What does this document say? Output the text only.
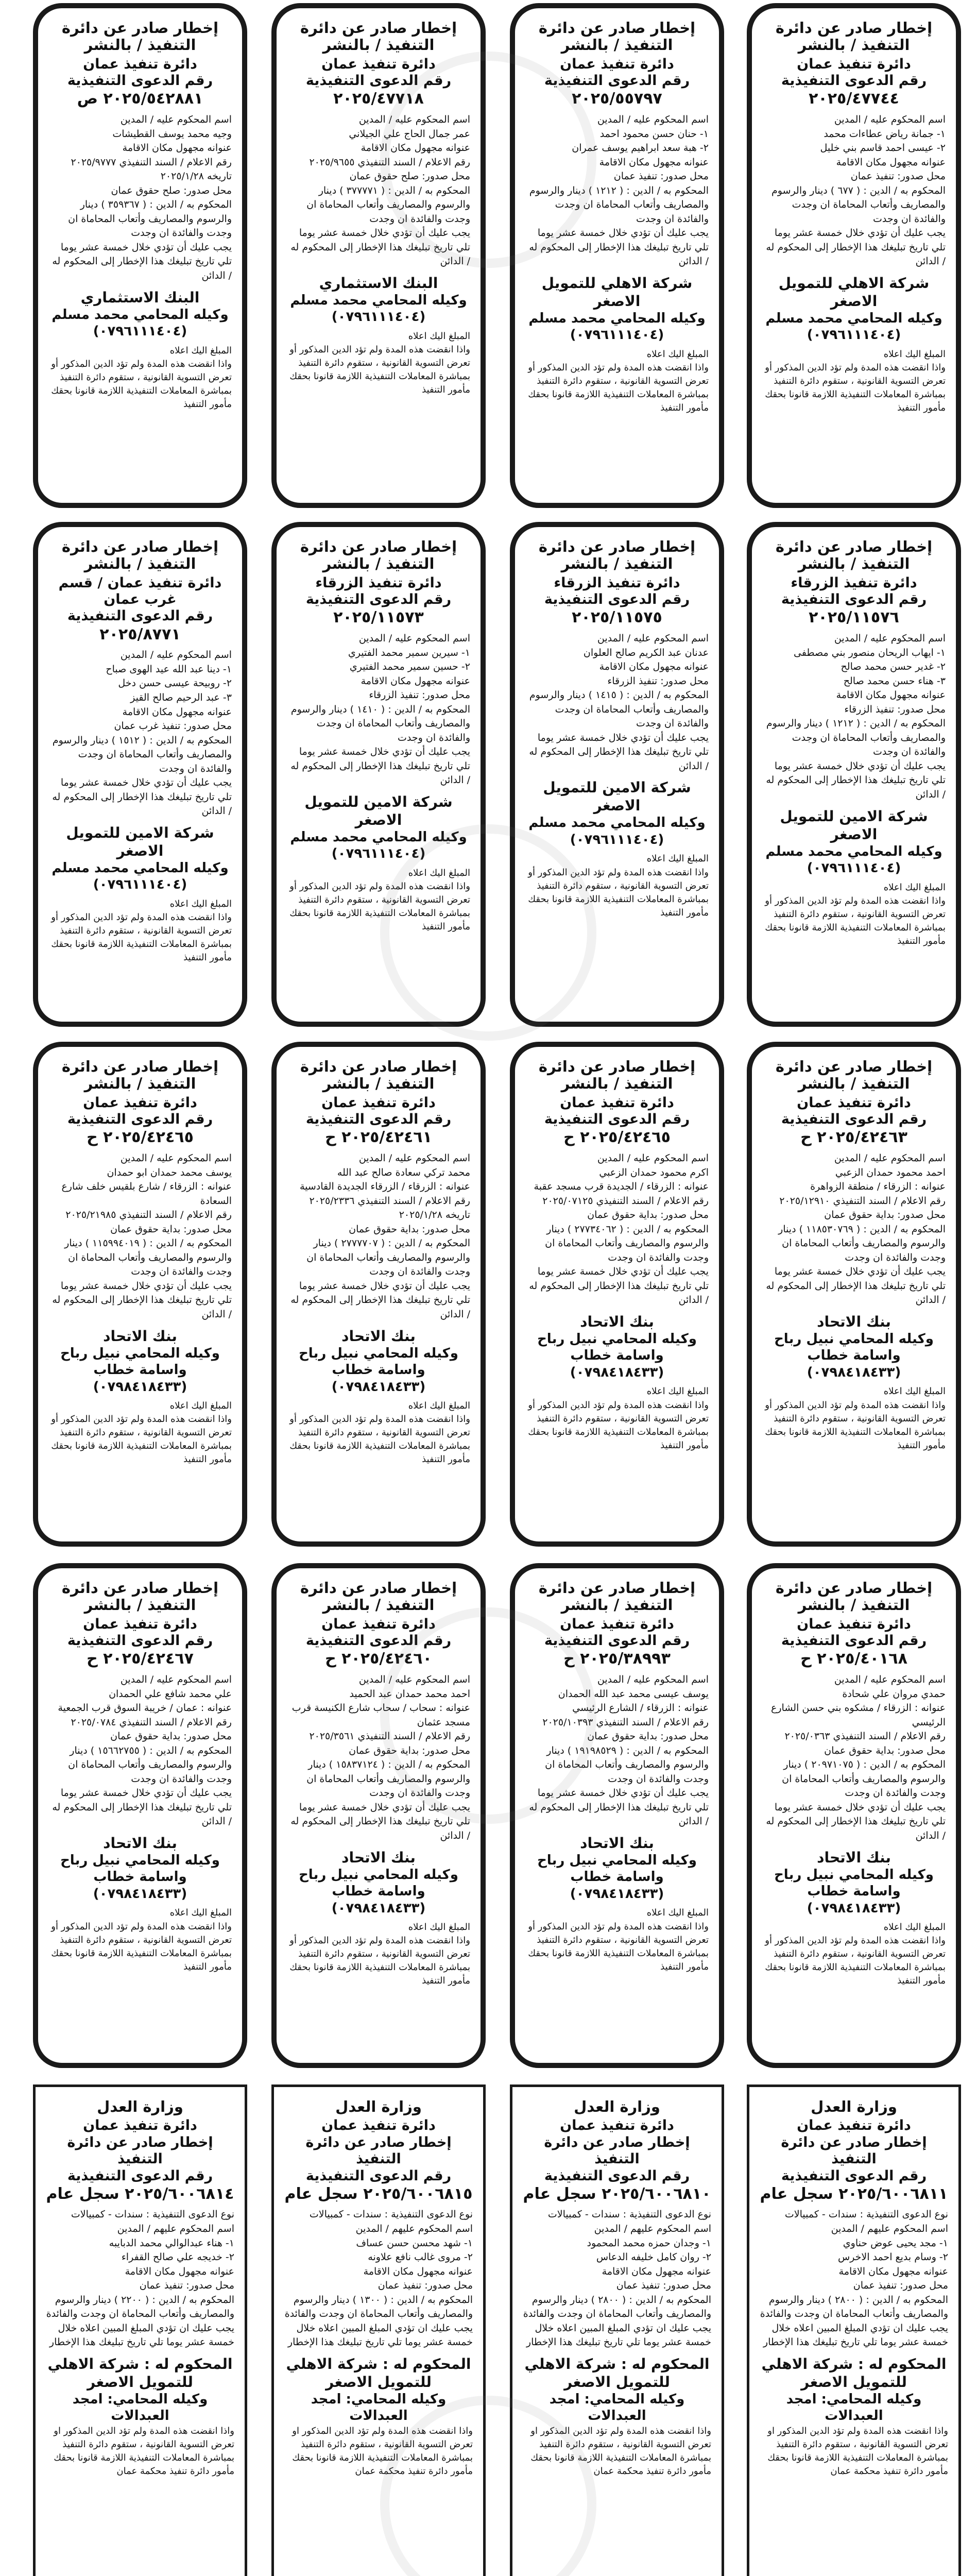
إخطار صادر عن دائرة التنفيذ / بالنشر
دائرة تنفيذ عمان
رقم الدعوى التنفيذية
٢٠٢٥/٤٧٧٤٤

اسم المحكوم عليه / المدين

١- جمانة رياض عطاءات محمد

٢- عيسى احمد قاسم بني خليل

عنوانه مجهول مكان الاقامة

محل صدور: تنفيذ عمان

المحكوم به / الدين : ( ٦٧٧ ) دينار والرسوم والمصاريف وأتعاب المحاماة ان وجدت والفائدة ان وجدت

يجب عليك أن تؤدي خلال خمسة عشر يوما تلي تاريخ تبليغك هذا الإخطار إلى المحكوم له / الدائن

شركة الاهلي للتمويل الاصغر
وكيله المحامي محمد مسلم
(٠٧٩٦١١١٤٠٤)

المبلغ اليك اعلاه

واذا انقضت هذه المدة ولم تؤد الدين المذكور أو تعرض التسوية القانونية ، ستقوم دائرة التنفيذ بمباشرة المعاملات التنفيذية اللازمة قانونا بحقك

مأمور التنفيذ

إخطار صادر عن دائرة التنفيذ / بالنشر
دائرة تنفيذ عمان
رقم الدعوى التنفيذية
٢٠٢٥/٥٥٧٩٧

اسم المحكوم عليه / المدين

١- حنان حسن محمود احمد

٢- هبة سعد ابراهيم يوسف عمران

عنوانه مجهول مكان الاقامة

محل صدور: تنفيذ عمان

المحكوم به / الدين : ( ١٢١٢ ) دينار والرسوم والمصاريف وأتعاب المحاماة ان وجدت والفائدة ان وجدت

يجب عليك أن تؤدي خلال خمسة عشر يوما تلي تاريخ تبليغك هذا الإخطار إلى المحكوم له / الدائن

شركة الاهلي للتمويل الاصغر
وكيله المحامي محمد مسلم
(٠٧٩٦١١١٤٠٤)

المبلغ اليك اعلاه

واذا انقضت هذه المدة ولم تؤد الدين المذكور أو تعرض التسوية القانونية ، ستقوم دائرة التنفيذ بمباشرة المعاملات التنفيذية اللازمة قانونا بحقك

مأمور التنفيذ

إخطار صادر عن دائرة التنفيذ / بالنشر
دائرة تنفيذ عمان
رقم الدعوى التنفيذية
٢٠٢٥/٤٧٧١٨

اسم المحكوم عليه / المدين

عمر جمال الحاج علي الجيلاني

عنوانه مجهول مكان الاقامة

رقم الاعلام / السند التنفيذي ٢٠٢٥/٩٦٥٥

محل صدور: صلح حقوق عمان

المحكوم به / الدين : ( ٣٧٧٧٧١ ) دينار والرسوم والمصاريف وأتعاب المحاماة ان وجدت والفائدة ان وجدت

يجب عليك أن تؤدي خلال خمسة عشر يوما تلي تاريخ تبليغك هذا الإخطار إلى المحكوم له / الدائن

البنك الاستثماري
وكيله المحامي محمد مسلم
(٠٧٩٦١١١٤٠٤)

المبلغ اليك اعلاه

واذا انقضت هذه المدة ولم تؤد الدين المذكور أو تعرض التسوية القانونية ، ستقوم دائرة التنفيذ بمباشرة المعاملات التنفيذية اللازمة قانونا بحقك

مأمور التنفيذ

إخطار صادر عن دائرة التنفيذ / بالنشر
دائرة تنفيذ عمان
رقم الدعوى التنفيذية
٢٠٢٥/٥٤٢٨٨١ ص

اسم المحكوم عليه / المدين

وجيه محمد يوسف القطيشات

عنوانه مجهول مكان الاقامة

رقم الاعلام / السند التنفيذي ٢٠٢٥/٩٧٧٧

تاريخه ٢٠٢٥/١/٢٨

محل صدور: صلح حقوق عمان

المحكوم به / الدين : ( ٣٥٩٣٦٧ ) دينار والرسوم والمصاريف وأتعاب المحاماة ان وجدت والفائدة ان وجدت

يجب عليك أن تؤدي خلال خمسة عشر يوما تلي تاريخ تبليغك هذا الإخطار إلى المحكوم له / الدائن

البنك الاستثماري
وكيله المحامي محمد مسلم
(٠٧٩٦١١١٤٠٤)

المبلغ اليك اعلاه

واذا انقضت هذه المدة ولم تؤد الدين المذكور أو تعرض التسوية القانونية ، ستقوم دائرة التنفيذ بمباشرة المعاملات التنفيذية اللازمة قانونا بحقك

مأمور التنفيذ

إخطار صادر عن دائرة التنفيذ / بالنشر
دائرة تنفيذ الزرقاء
رقم الدعوى التنفيذية
٢٠٢٥/١١٥٧٦

اسم المحكوم عليه / المدين

١- ايهاب الريحان منصور بني مصطفى

٢- غدير حسن محمد صالح

٣- هناء حسن محمد صالح

عنوانه مجهول مكان الاقامة

محل صدور: تنفيذ الزرقاء

المحكوم به / الدين : ( ١٢١٢ ) دينار والرسوم والمصاريف وأتعاب المحاماة ان وجدت والفائدة ان وجدت

يجب عليك أن تؤدي خلال خمسة عشر يوما تلي تاريخ تبليغك هذا الإخطار إلى المحكوم له / الدائن

شركة الامين للتمويل الاصغر
وكيله المحامي محمد مسلم
(٠٧٩٦١١١٤٠٤)

المبلغ اليك اعلاه

واذا انقضت هذه المدة ولم تؤد الدين المذكور أو تعرض التسوية القانونية ، ستقوم دائرة التنفيذ بمباشرة المعاملات التنفيذية اللازمة قانونا بحقك

مأمور التنفيذ

إخطار صادر عن دائرة التنفيذ / بالنشر
دائرة تنفيذ الزرقاء
رقم الدعوى التنفيذية
٢٠٢٥/١١٥٧٥

اسم المحكوم عليه / المدين

عدنان عبد الكريم صالح العلوان

عنوانه مجهول مكان الاقامة

محل صدور: تنفيذ الزرقاء

المحكوم به / الدين : ( ١٤١٥ ) دينار والرسوم والمصاريف وأتعاب المحاماة ان وجدت والفائدة ان وجدت

يجب عليك أن تؤدي خلال خمسة عشر يوما تلي تاريخ تبليغك هذا الإخطار إلى المحكوم له / الدائن

شركة الامين للتمويل الاصغر
وكيله المحامي محمد مسلم
(٠٧٩٦١١١٤٠٤)

المبلغ اليك اعلاه

واذا انقضت هذه المدة ولم تؤد الدين المذكور أو تعرض التسوية القانونية ، ستقوم دائرة التنفيذ بمباشرة المعاملات التنفيذية اللازمة قانونا بحقك

مأمور التنفيذ

إخطار صادر عن دائرة التنفيذ / بالنشر
دائرة تنفيذ الزرقاء
رقم الدعوى التنفيذية
٢٠٢٥/١١٥٧٣

اسم المحكوم عليه / المدين

١- سيرين سمير محمد الفتيري

٢- حسين سمير محمد الفتيري

عنوانه مجهول مكان الاقامة

محل صدور: تنفيذ الزرقاء

المحكوم به / الدين : ( ١٤١٠ ) دينار والرسوم والمصاريف وأتعاب المحاماة ان وجدت والفائدة ان وجدت

يجب عليك أن تؤدي خلال خمسة عشر يوما تلي تاريخ تبليغك هذا الإخطار إلى المحكوم له / الدائن

شركة الامين للتمويل الاصغر
وكيله المحامي محمد مسلم
(٠٧٩٦١١١٤٠٤)

المبلغ اليك اعلاه

واذا انقضت هذه المدة ولم تؤد الدين المذكور أو تعرض التسوية القانونية ، ستقوم دائرة التنفيذ بمباشرة المعاملات التنفيذية اللازمة قانونا بحقك

مأمور التنفيذ

إخطار صادر عن دائرة التنفيذ / بالنشر
دائرة تنفيذ عمان / قسم غرب عمان
رقم الدعوى التنفيذية
٢٠٢٥/٨٧٧١

اسم المحكوم عليه / المدين

١- دينا عبد الله عيد الهوى صباح

٢- روبيحة عيسى حسن دخل

٣- عبد الرحيم صالح القيز

عنوانه مجهول مكان الاقامة

محل صدور: تنفيذ غرب عمان

المحكوم به / الدين : ( ١٥١٢ ) دينار والرسوم والمصاريف وأتعاب المحاماة ان وجدت والفائدة ان وجدت

يجب عليك أن تؤدي خلال خمسة عشر يوما تلي تاريخ تبليغك هذا الإخطار إلى المحكوم له / الدائن

شركة الامين للتمويل الاصغر
وكيله المحامي محمد مسلم
(٠٧٩٦١١١٤٠٤)

المبلغ اليك اعلاه

واذا انقضت هذه المدة ولم تؤد الدين المذكور أو تعرض التسوية القانونية ، ستقوم دائرة التنفيذ بمباشرة المعاملات التنفيذية اللازمة قانونا بحقك

مأمور التنفيذ

إخطار صادر عن دائرة التنفيذ / بالنشر
دائرة تنفيذ عمان
رقم الدعوى التنفيذية
٢٠٢٥/٤٢٤٦٣ ح

اسم المحكوم عليه / المدين

احمد محمود حمدان الزعبي

عنوانه : الزرقاء / منطقة الزواهرة

رقم الاعلام / السند التنفيذي ٢٠٢٥/١٢٩١٠

محل صدور: بداية حقوق عمان

المحكوم به / الدين : ( ١١٨٥٣٠٧٦٩ ) دينار والرسوم والمصاريف وأتعاب المحاماة ان وجدت والفائدة ان وجدت

يجب عليك أن تؤدي خلال خمسة عشر يوما تلي تاريخ تبليغك هذا الإخطار إلى المحكوم له / الدائن

بنك الاتحاد
وكيله المحامي نبيل رباح واسامة خطاب
(٠٧٩٨٤١٨٤٣٣)

المبلغ اليك اعلاه

واذا انقضت هذه المدة ولم تؤد الدين المذكور أو تعرض التسوية القانونية ، ستقوم دائرة التنفيذ بمباشرة المعاملات التنفيذية اللازمة قانونا بحقك

مأمور التنفيذ

إخطار صادر عن دائرة التنفيذ / بالنشر
دائرة تنفيذ عمان
رقم الدعوى التنفيذية
٢٠٢٥/٤٢٤٦٥ ح

اسم المحكوم عليه / المدين

اكرم محمود حمدان الزعبي

عنوانه : الزرقاء / الجديدة قرب مسجد عقبة

رقم الاعلام / السند التنفيذي ٢٠٢٥/٠٧١٢٥

محل صدور: بداية حقوق عمان

المحكوم به / الدين : ( ٢٧٧٣٤٠٦٢ ) دينار والرسوم والمصاريف وأتعاب المحاماة ان وجدت والفائدة ان وجدت

يجب عليك أن تؤدي خلال خمسة عشر يوما تلي تاريخ تبليغك هذا الإخطار إلى المحكوم له / الدائن

بنك الاتحاد
وكيله المحامي نبيل رباح واسامة خطاب
(٠٧٩٨٤١٨٤٣٣)

المبلغ اليك اعلاه

واذا انقضت هذه المدة ولم تؤد الدين المذكور أو تعرض التسوية القانونية ، ستقوم دائرة التنفيذ بمباشرة المعاملات التنفيذية اللازمة قانونا بحقك

مأمور التنفيذ

إخطار صادر عن دائرة التنفيذ / بالنشر
دائرة تنفيذ عمان
رقم الدعوى التنفيذية
٢٠٢٥/٤٢٤٦١ ح

اسم المحكوم عليه / المدين

محمد تركي سعادة صالح عبد الله

عنوانه : الزرقاء / الزرقاء الجديدة القادسية

رقم الاعلام / السند التنفيذي ٢٠٢٥/٢٣٣٦

تاريخه ٢٠٢٥/١/٢٨

محل صدور: بداية حقوق عمان

المحكوم به / الدين : ( ٢٧٧٧٧٠٧ ) دينار والرسوم والمصاريف وأتعاب المحاماة ان وجدت والفائدة ان وجدت

يجب عليك أن تؤدي خلال خمسة عشر يوما تلي تاريخ تبليغك هذا الإخطار إلى المحكوم له / الدائن

بنك الاتحاد
وكيله المحامي نبيل رباح واسامة خطاب
(٠٧٩٨٤١٨٤٣٣)

المبلغ اليك اعلاه

واذا انقضت هذه المدة ولم تؤد الدين المذكور أو تعرض التسوية القانونية ، ستقوم دائرة التنفيذ بمباشرة المعاملات التنفيذية اللازمة قانونا بحقك

مأمور التنفيذ

إخطار صادر عن دائرة التنفيذ / بالنشر
دائرة تنفيذ عمان
رقم الدعوى التنفيذية
٢٠٢٥/٤٢٤٦٥ ح

اسم المحكوم عليه / المدين

يوسف محمد حمدان ابو حمدان

عنوانه : الزرقاء / شارع بلقيس خلف شارع السعادة

رقم الاعلام / السند التنفيذي ٢٠٢٥/٢١٩٨٥

محل صدور: بداية حقوق عمان

المحكوم به / الدين : ( ١١٥٩٩٤٠١٩ ) دينار والرسوم والمصاريف وأتعاب المحاماة ان وجدت والفائدة ان وجدت

يجب عليك أن تؤدي خلال خمسة عشر يوما تلي تاريخ تبليغك هذا الإخطار إلى المحكوم له / الدائن

بنك الاتحاد
وكيله المحامي نبيل رباح واسامة خطاب
(٠٧٩٨٤١٨٤٣٣)

المبلغ اليك اعلاه

واذا انقضت هذه المدة ولم تؤد الدين المذكور أو تعرض التسوية القانونية ، ستقوم دائرة التنفيذ بمباشرة المعاملات التنفيذية اللازمة قانونا بحقك

مأمور التنفيذ

إخطار صادر عن دائرة التنفيذ / بالنشر
دائرة تنفيذ عمان
رقم الدعوى التنفيذية
٢٠٢٥/٤٠١٦٨ ح

اسم المحكوم عليه / المدين

حمدي مروان علي شحادة

عنوانه : الزرقاء / مشكوه بني حسن الشارع الرئيسي

رقم الاعلام / السند التنفيذي ٢٠٢٥/٠٣٦٣

محل صدور: بداية حقوق عمان

المحكوم به / الدين : ( ٢٠٩٧١٠٧٥ ) دينار والرسوم والمصاريف وأتعاب المحاماة ان وجدت والفائدة ان وجدت

يجب عليك أن تؤدي خلال خمسة عشر يوما تلي تاريخ تبليغك هذا الإخطار إلى المحكوم له / الدائن

بنك الاتحاد
وكيله المحامي نبيل رباح واسامة خطاب
(٠٧٩٨٤١٨٤٣٣)

المبلغ اليك اعلاه

واذا انقضت هذه المدة ولم تؤد الدين المذكور أو تعرض التسوية القانونية ، ستقوم دائرة التنفيذ بمباشرة المعاملات التنفيذية اللازمة قانونا بحقك

مأمور التنفيذ

إخطار صادر عن دائرة التنفيذ / بالنشر
دائرة تنفيذ عمان
رقم الدعوى التنفيذية
٢٠٢٥/٣٨٩٩٣ ح

اسم المحكوم عليه / المدين

يوسف عيسى محمد عبد الله الحمدان

عنوانه : الزرقاء / الشارع الرئيسي

رقم الاعلام / السند التنفيذي ٢٠٢٥/١٠٣٩٣

محل صدور: بداية حقوق عمان

المحكوم به / الدين : ( ١٩١٩٨٥٢٩ ) دينار والرسوم والمصاريف وأتعاب المحاماة ان وجدت والفائدة ان وجدت

يجب عليك أن تؤدي خلال خمسة عشر يوما تلي تاريخ تبليغك هذا الإخطار إلى المحكوم له / الدائن

بنك الاتحاد
وكيله المحامي نبيل رباح واسامة خطاب
(٠٧٩٨٤١٨٤٣٣)

المبلغ اليك اعلاه

واذا انقضت هذه المدة ولم تؤد الدين المذكور أو تعرض التسوية القانونية ، ستقوم دائرة التنفيذ بمباشرة المعاملات التنفيذية اللازمة قانونا بحقك

مأمور التنفيذ

إخطار صادر عن دائرة التنفيذ / بالنشر
دائرة تنفيذ عمان
رقم الدعوى التنفيذية
٢٠٢٥/٤٢٤٦٠ ح

اسم المحكوم عليه / المدين

احمد محمد حمدان عبد الحميد

عنوانه : سحاب / سحاب شارع الكنيسة قرب مسجد عثمان

رقم الاعلام / السند التنفيذي ٢٠٢٥/٣٥٦١

محل صدور: بداية حقوق عمان

المحكوم به / الدين : ( ١٥٨٣٧١٢٤ ) دينار والرسوم والمصاريف وأتعاب المحاماة ان وجدت والفائدة ان وجدت

يجب عليك أن تؤدي خلال خمسة عشر يوما تلي تاريخ تبليغك هذا الإخطار إلى المحكوم له / الدائن

بنك الاتحاد
وكيله المحامي نبيل رباح واسامة خطاب
(٠٧٩٨٤١٨٤٣٣)

المبلغ اليك اعلاه

واذا انقضت هذه المدة ولم تؤد الدين المذكور أو تعرض التسوية القانونية ، ستقوم دائرة التنفيذ بمباشرة المعاملات التنفيذية اللازمة قانونا بحقك

مأمور التنفيذ

إخطار صادر عن دائرة التنفيذ / بالنشر
دائرة تنفيذ عمان
رقم الدعوى التنفيذية
٢٠٢٥/٤٢٤٦٧ ح

اسم المحكوم عليه / المدين

علي محمد شافع علي الحمدان

عنوانه : عمان / خريبة السوق قرب الجمعية

رقم الاعلام / السند التنفيذي ٢٠٢٥/٠٧٨٤

محل صدور: بداية حقوق عمان

المحكوم به / الدين : ( ١٥٦٦٢٧٥٥ ) دينار والرسوم والمصاريف وأتعاب المحاماة ان وجدت والفائدة ان وجدت

يجب عليك أن تؤدي خلال خمسة عشر يوما تلي تاريخ تبليغك هذا الإخطار إلى المحكوم له / الدائن

بنك الاتحاد
وكيله المحامي نبيل رباح واسامة خطاب
(٠٧٩٨٤١٨٤٣٣)

المبلغ اليك اعلاه

واذا انقضت هذه المدة ولم تؤد الدين المذكور أو تعرض التسوية القانونية ، ستقوم دائرة التنفيذ بمباشرة المعاملات التنفيذية اللازمة قانونا بحقك

مأمور التنفيذ

وزارة العدل
دائرة تنفيذ عمان
إخطار صادر عن دائرة التنفيذ
رقم الدعوى التنفيذية
٢٠٢٥/٦٠٠٦٨١١ سجل عام

نوع الدعوى التنفيذية : سندات - كمبيالات

اسم المحكوم عليهم / المدين

١- مجد يحيى عوض حناوي

٢- وسام بديع احمد الاخرس

عنوانه مجهول مكان الاقامة

محل صدور: تنفيذ عمان

المحكوم به / الدين : ( ٢٨٠٠ ) دينار والرسوم والمصاريف وأتعاب المحاماة ان وجدت والفائدة

يجب عليك ان تؤدي المبلغ المبين اعلاه خلال خمسة عشر يوما تلي تاريخ تبليغك هذا الإخطار

المحكوم له : شركة الاهلي للتمويل الاصغر
وكيله المحامي: امجد العبدالات

واذا انقضت هذه المدة ولم تؤد الدين المذكور او تعرض التسوية القانونية ، ستقوم دائرة التنفيذ بمباشرة المعاملات التنفيذية اللازمة قانونا بحقك

مأمور دائرة تنفيذ محكمة عمان

وزارة العدل
دائرة تنفيذ عمان
إخطار صادر عن دائرة التنفيذ
رقم الدعوى التنفيذية
٢٠٢٥/٦٠٠٦٨١٠ سجل عام

نوع الدعوى التنفيذية : سندات - كمبيالات

اسم المحكوم عليهم / المدين

١- وجدان حمزه محمد المحمود

٢- روان كامل خليفه الدعاس

عنوانه مجهول مكان الاقامة

محل صدور: تنفيذ عمان

المحكوم به / الدين : ( ٢٨٠٠ ) دينار والرسوم والمصاريف وأتعاب المحاماة ان وجدت والفائدة

يجب عليك ان تؤدي المبلغ المبين اعلاه خلال خمسة عشر يوما تلي تاريخ تبليغك هذا الإخطار

المحكوم له : شركة الاهلي للتمويل الاصغر
وكيله المحامي: امجد العبدالات

واذا انقضت هذه المدة ولم تؤد الدين المذكور او تعرض التسوية القانونية ، ستقوم دائرة التنفيذ بمباشرة المعاملات التنفيذية اللازمة قانونا بحقك

مأمور دائرة تنفيذ محكمة عمان

وزارة العدل
دائرة تنفيذ عمان
إخطار صادر عن دائرة التنفيذ
رقم الدعوى التنفيذية
٢٠٢٥/٦٠٠٦٨١٥ سجل عام

نوع الدعوى التنفيذية : سندات - كمبيالات

اسم المحكوم عليهم / المدين

١- شهد محسن حسن عساف

٢- مروى غالب نافع علاونه

عنوانه مجهول مكان الاقامة

محل صدور: تنفيذ عمان

المحكوم به / الدين : ( ١٣٠٠ ) دينار والرسوم والمصاريف وأتعاب المحاماة ان وجدت والفائدة

يجب عليك ان تؤدي المبلغ المبين اعلاه خلال خمسة عشر يوما تلي تاريخ تبليغك هذا الإخطار

المحكوم له : شركة الاهلي للتمويل الاصغر
وكيله المحامي: امجد العبدالات

واذا انقضت هذه المدة ولم تؤد الدين المذكور او تعرض التسوية القانونية ، ستقوم دائرة التنفيذ بمباشرة المعاملات التنفيذية اللازمة قانونا بحقك

مأمور دائرة تنفيذ محكمة عمان

وزارة العدل
دائرة تنفيذ عمان
إخطار صادر عن دائرة التنفيذ
رقم الدعوى التنفيذية
٢٠٢٥/٦٠٠٦٨١٤ سجل عام

نوع الدعوى التنفيذية : سندات - كمبيالات

اسم المحكوم عليهم / المدين

١- هناء عبدالوالي محمد الدبايبه

٢- خديجه علي صالح القفراء

عنوانه مجهول مكان الاقامة

محل صدور: تنفيذ عمان

المحكوم به / الدين : ( ٢٢٠٠ ) دينار والرسوم والمصاريف وأتعاب المحاماة ان وجدت والفائدة

يجب عليك ان تؤدي المبلغ المبين اعلاه خلال خمسة عشر يوما تلي تاريخ تبليغك هذا الإخطار

المحكوم له : شركة الاهلي للتمويل الاصغر
وكيله المحامي: امجد العبدالات

واذا انقضت هذه المدة ولم تؤد الدين المذكور او تعرض التسوية القانونية ، ستقوم دائرة التنفيذ بمباشرة المعاملات التنفيذية اللازمة قانونا بحقك

مأمور دائرة تنفيذ محكمة عمان
